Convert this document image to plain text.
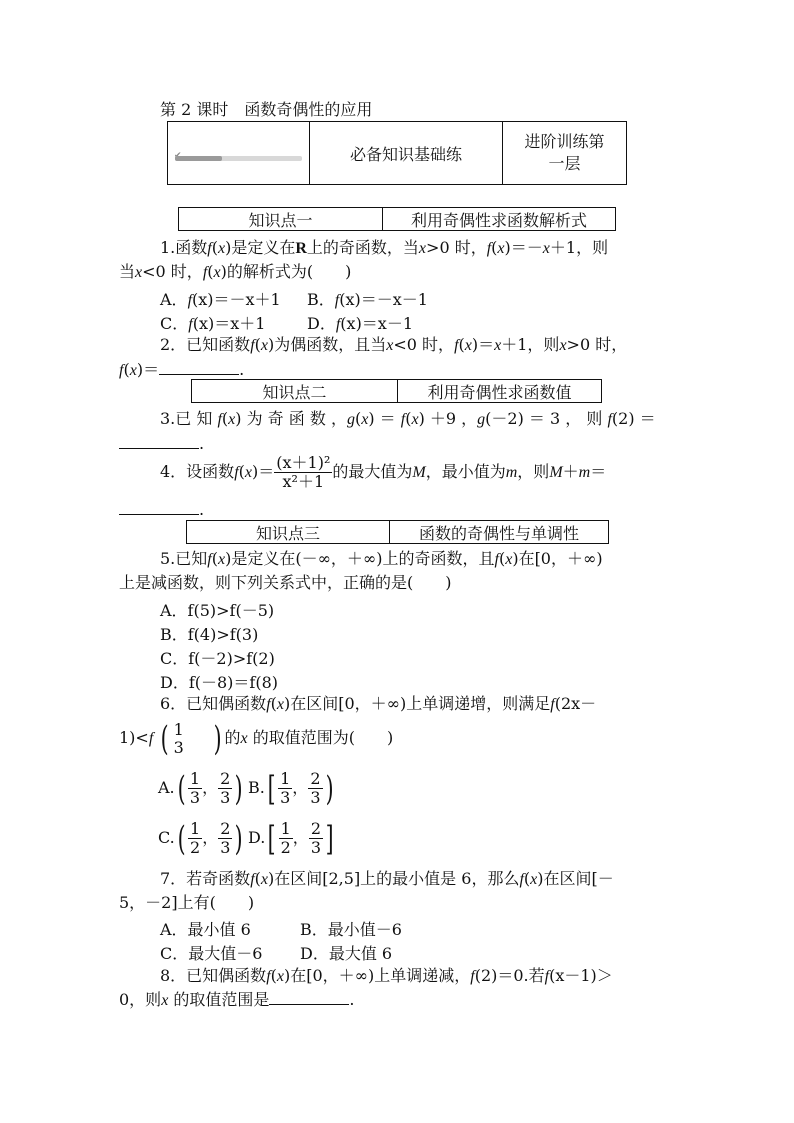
第 2 课时　函数奇偶性的应用
	必备知识基础练	进阶训练第
一层
知识点一	利用奇偶性求函数解析式
1.函数f(x)是定义在R上的奇函数，当x>0 时，f(x)＝－x＋1，则
当x<0 时，f(x)的解析式为(　　)
A．f(x)＝－x＋1 B．f(x)＝－x－1
C．f(x)＝x＋1	D．f(x)＝x－1
2．已知函数f(x)为偶函数，且当x<0 时，f(x)＝x＋1，则x>0 时，
f(x)＝	.
知识点二	利用奇偶性求函数值
3.已 知 f(x) 为 奇 函 数 ，g(x) ＝ f(x) ＋9 ，g(－2) ＝ 3 ， 则 f(2) ＝
.
4．设函数$f(x)= \frac{\text{(x＋1)²}}{\text{x²＋1}}$ 的最大值为M，最小值为m，则M＋m＝
.
知识点三	函数的奇偶性与单调性
5.已知f(x)是定义在(－∞，＋∞)上的奇函数，且f(x)在[0，＋∞)
上是减函数，则下列关系式中，正确的是(　　)
A．f(5)>f(－5)
B．f(4)>f(3)
C．f(－2)>f(2)
D．f(－8)＝f(8)
6．已知偶函数f(x)在区间[0，＋∞)上单调递增，则满足f(2x－
1)<f ( 1
3 ) 的x 的取值范围为(　　)
$A.( \frac{1}{3}$ ， $\frac{2}{3}$ ) $B.[ \frac{1}{3}$ ， $\frac{2}{3}$ )
$C.( \frac{1}{2}$ ， $\frac{2}{3}$ ) $D.[ \frac{1}{2}$ ， $\frac{2}{3}$ ]
7．若奇函数f(x)在区间[2,5]上的最小值是 6，那么f(x)在区间[－
5，－2]上有(　　)
A．最小值 6	B．最小值－6
C．最大值－6 D．最大值 6
8．已知偶函数f(x)在[0，＋∞)上单调递减，f(2)＝0.若f(x－1)＞
0，则x 的取值范围是	.
